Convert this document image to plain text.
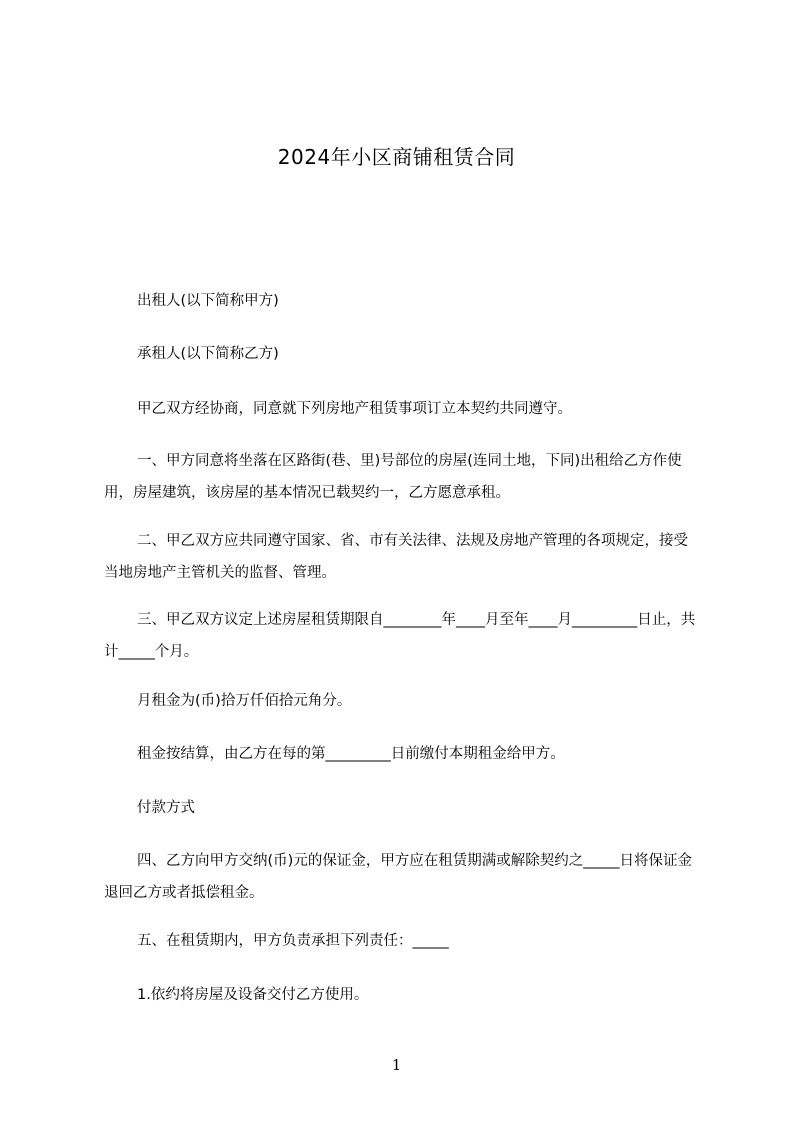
2024年小区商铺租赁合同
出租人(以下简称甲方)
承租人(以下简称乙方)
甲乙双方经协商，同意就下列房地产租赁事项订立本契约共同遵守。
一、甲方同意将坐落在区路街(巷、里)号部位的房屋(连同土地，下同)出租给乙方作使用，房屋建筑，该房屋的基本情况已载契约一，乙方愿意承租。
二、甲乙双方应共同遵守国家、省、市有关法律、法规及房地产管理的各项规定，接受当地房地产主管机关的监督、管理。
三、甲乙双方议定上述房屋租赁期限自________年____月至年____月_________日止，共计_____个月。
月租金为(币)拾万仟佰拾元角分。
租金按结算，由乙方在每的第_________日前缴付本期租金给甲方。
付款方式
四、乙方向甲方交纳(币)元的保证金，甲方应在租赁期满或解除契约之_____日将保证金退回乙方或者抵偿租金。
五、在租赁期内，甲方负责承担下列责任：_____
1.依约将房屋及设备交付乙方使用。
1
